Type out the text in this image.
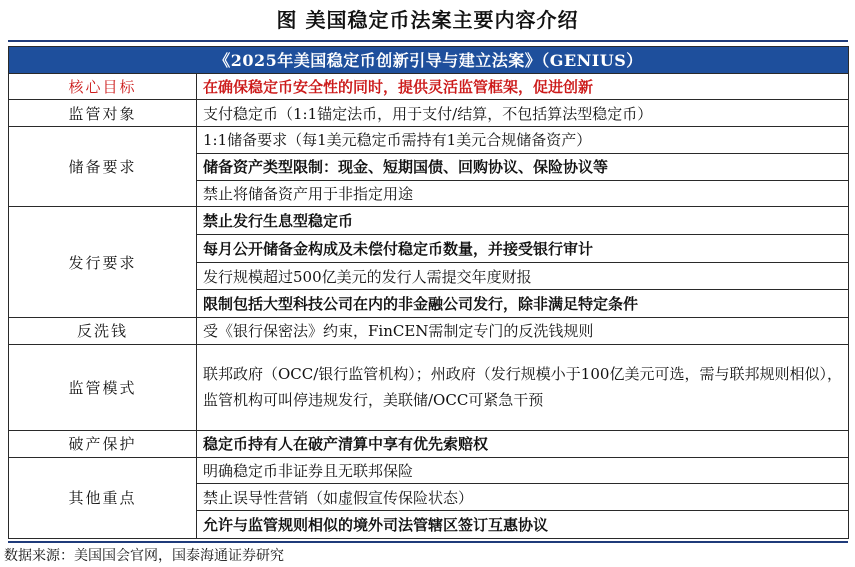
图 美国稳定币法案主要内容介绍
《2025年美国稳定币创新引导与建立法案》（GENIUS）	
核心目标	在确保稳定币安全性的同时，提供灵活监管框架，促进创新
监管对象	支付稳定币（1:1锚定法币，用于支付/结算，不包括算法型稳定币）
储备要求	1:1储备要求（每1美元稳定币需持有1美元合规储备资产）
	储备资产类型限制：现金、短期国债、回购协议、保险协议等
	禁止将储备资产用于非指定用途
发行要求	禁止发行生息型稳定币
	每月公开储备金构成及未偿付稳定币数量，并接受银行审计
	发行规模超过500亿美元的发行人需提交年度财报
	限制包括大型科技公司在内的非金融公司发行，除非满足特定条件
反洗钱	受《银行保密法》约束，FinCEN需制定专门的反洗钱规则
监管模式	联邦政府（OCC/银行监管机构）；州政府（发行规模小于100亿美元可选，需与联邦规则相似），监管机构可叫停违规发行，美联储/OCC可紧急干预
破产保护	稳定币持有人在破产清算中享有优先索赔权
其他重点	明确稳定币非证券且无联邦保险
	禁止误导性营销（如虚假宣传保险状态）
	允许与监管规则相似的境外司法管辖区签订互惠协议
数据来源：美国国会官网，国泰海通证券研究
